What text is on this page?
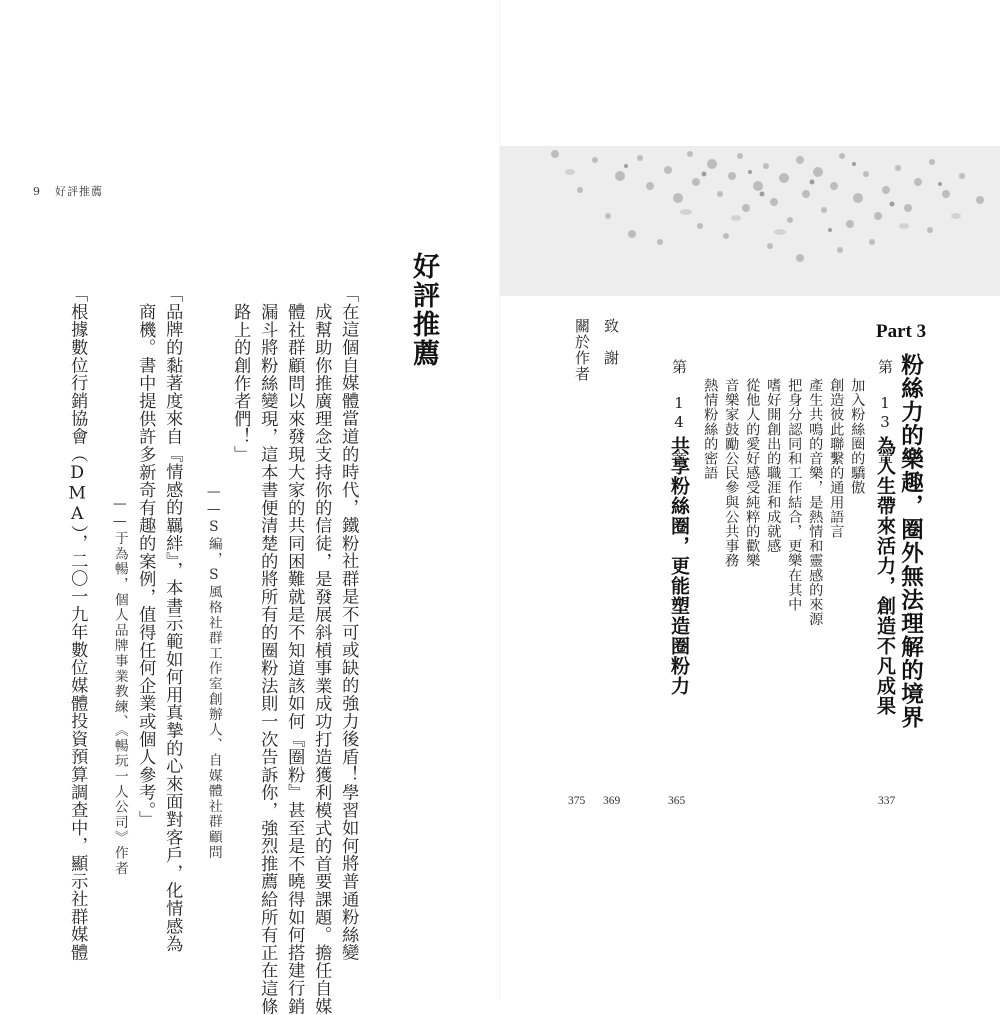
9 好評推薦
好評推薦
「在這個自媒體當道的時代，鐵粉社群是不可或缺的強力後盾！學習如何將普通粉絲變
成幫助你推廣理念支持你的信徒，是發展斜槓事業成功打造獲利模式的首要課題。擔任自媒
體社群顧問以來發現大家的共同困難就是不知道該如何『圈粉』甚至是不曉得如何搭建行銷
漏斗將粉絲變現，這本書便清楚的將所有的圈粉法則一次告訴你，強烈推薦給所有正在這條
路上的創作者們！」
——S編，S風格社群工作室創辦人、自媒體社群顧問
「品牌的黏著度來自『情感的羈絆』，本書示範如何用真摯的心來面對客戶，化情感為
商機。書中提供許多新奇有趣的案例，值得任何企業或個人參考。」
——于為暢，個人品牌事業教練、《暢玩一人公司》作者
「根據數位行銷協會（DMA），二〇一九年數位媒體投資預算調查中，顯示社群媒體	Part 3
粉絲力的樂趣，圈外無法理解的境界
第 13 章
為人生帶來活力，創造不凡成果
337
加入粉絲圈的驕傲
創造彼此聯繫的通用語言
產生共鳴的音樂，是熱情和靈感的來源
把身分認同和工作結合，更樂在其中
嗜好開創出的職涯和成就感
從他人的愛好感受純粹的歡樂
音樂家鼓勵公民參與公共事務
熱情粉絲的密語
第 14 章
共享粉絲圈，更能塑造圈粉力
365
致　謝
369
關於作者
375
